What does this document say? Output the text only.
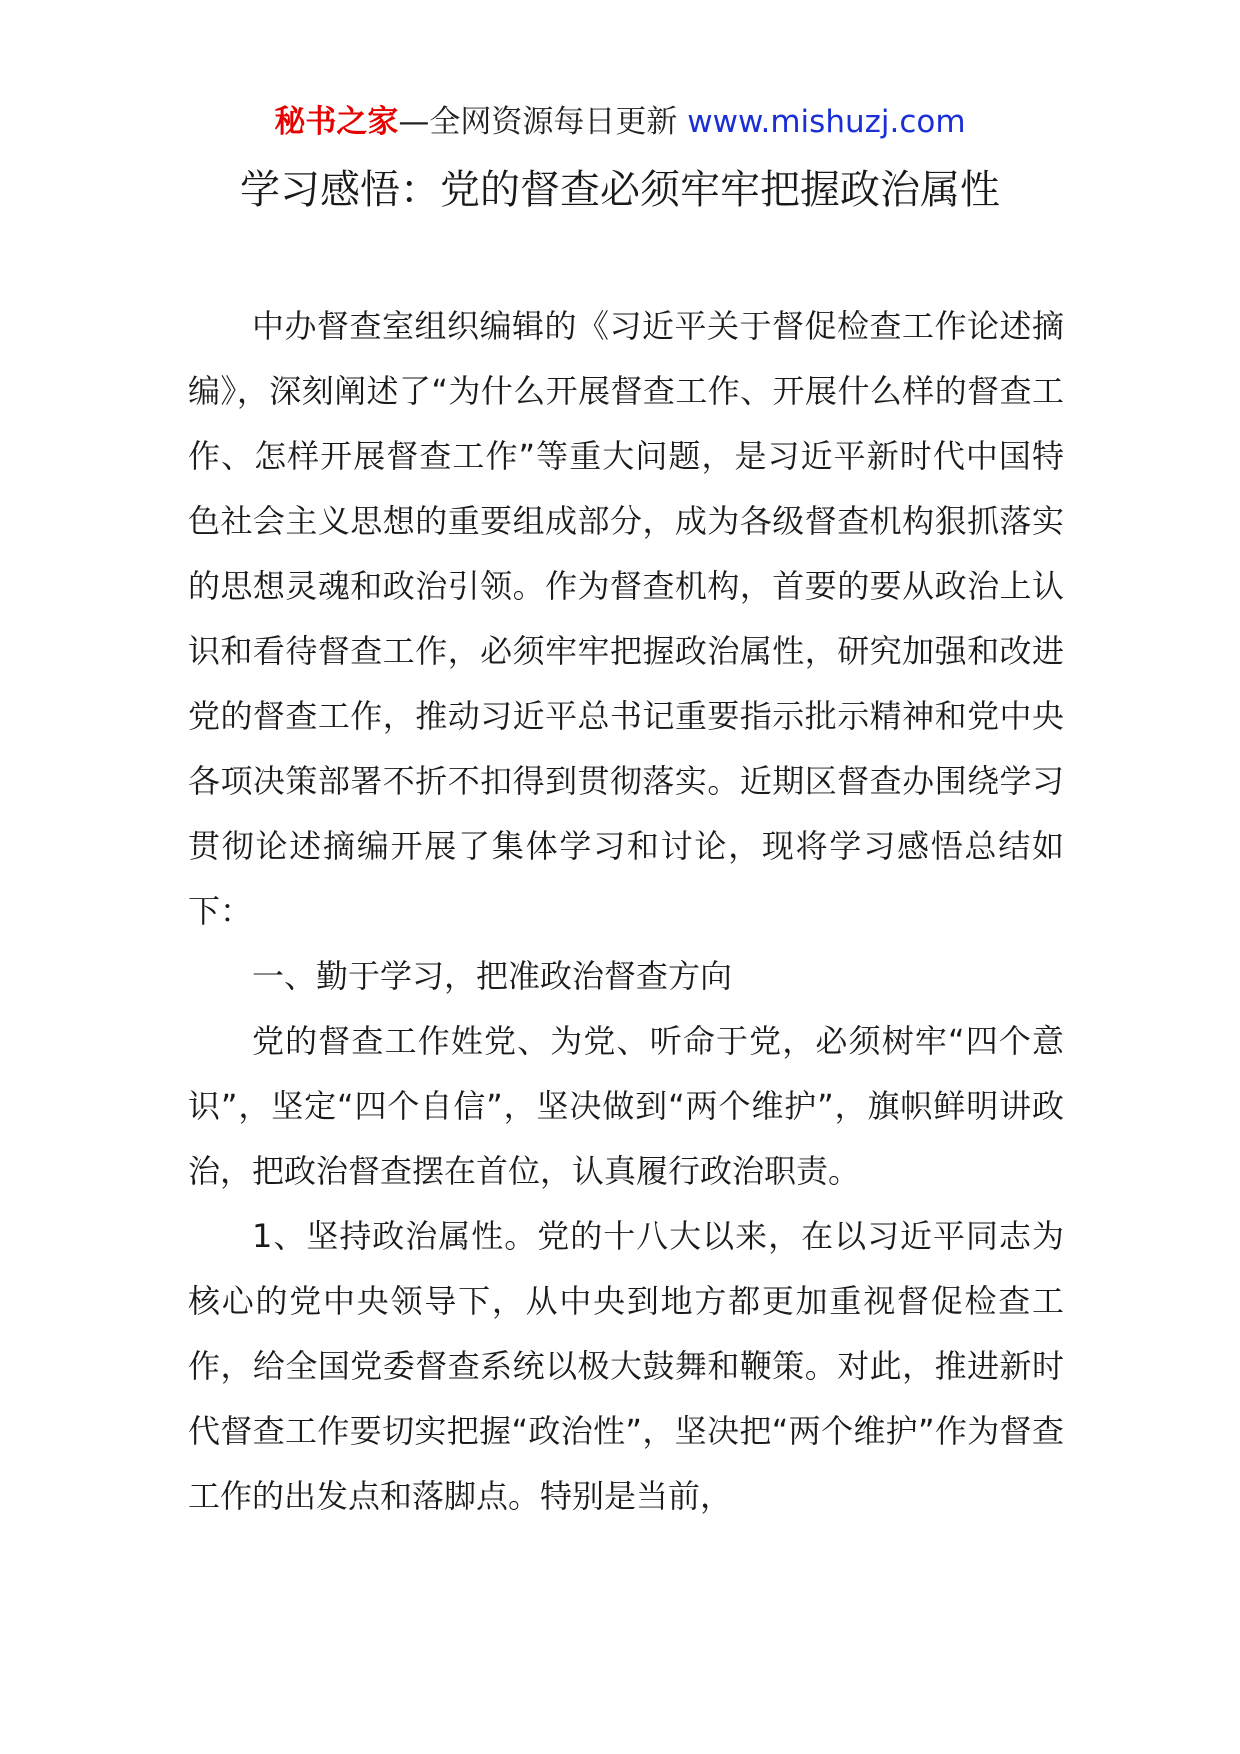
秘书之家—全网资源每日更新 www.mishuzj.com
学习感悟：党的督查必须牢牢把握政治属性

中办督查室组织编辑的《习近平关于督促检查工作论述摘编》，深刻阐述了“为什么开展督查工作、开展什么样的督查工作、怎样开展督查工作”等重大问题，是习近平新时代中国特色社会主义思想的重要组成部分，成为各级督查机构狠抓落实的思想灵魂和政治引领。作为督查机构，首要的要从政治上认识和看待督查工作，必须牢牢把握政治属性，研究加强和改进党的督查工作，推动习近平总书记重要指示批示精神和党中央各项决策部署不折不扣得到贯彻落实。近期区督查办围绕学习贯彻论述摘编开展了集体学习和讨论，现将学习感悟总结如下：

一、勤于学习，把准政治督查方向

党的督查工作姓党、为党、听命于党，必须树牢“四个意识”，坚定“四个自信”，坚决做到“两个维护”，旗帜鲜明讲政治，把政治督查摆在首位，认真履行政治职责。

1、坚持政治属性。党的十八大以来，在以习近平同志为核心的党中央领导下，从中央到地方都更加重视督促检查工作，给全国党委督查系统以极大鼓舞和鞭策。对此，推进新时代督查工作要切实把握“政治性”，坚决把“两个维护”作为督查工作的出发点和落脚点。特别是当前，
